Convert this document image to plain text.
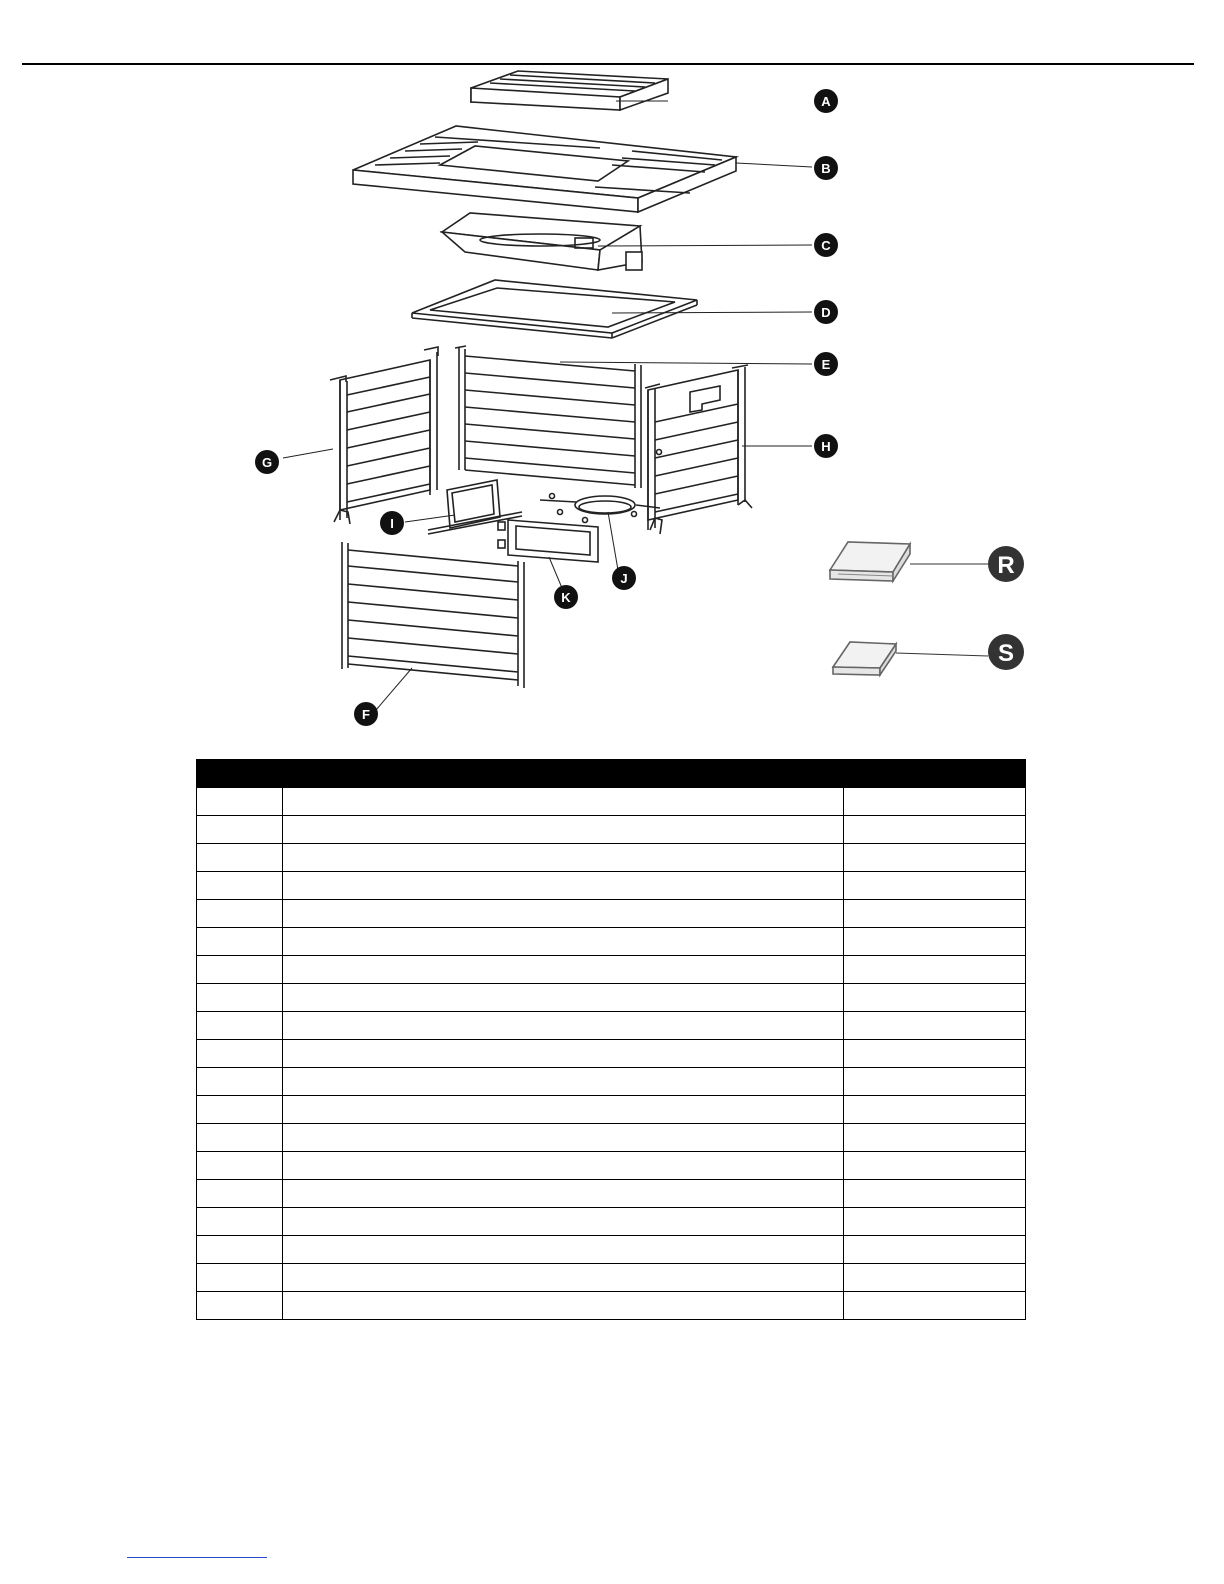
A
B
C
D
E
F
G
H
I
J
K
R
S
